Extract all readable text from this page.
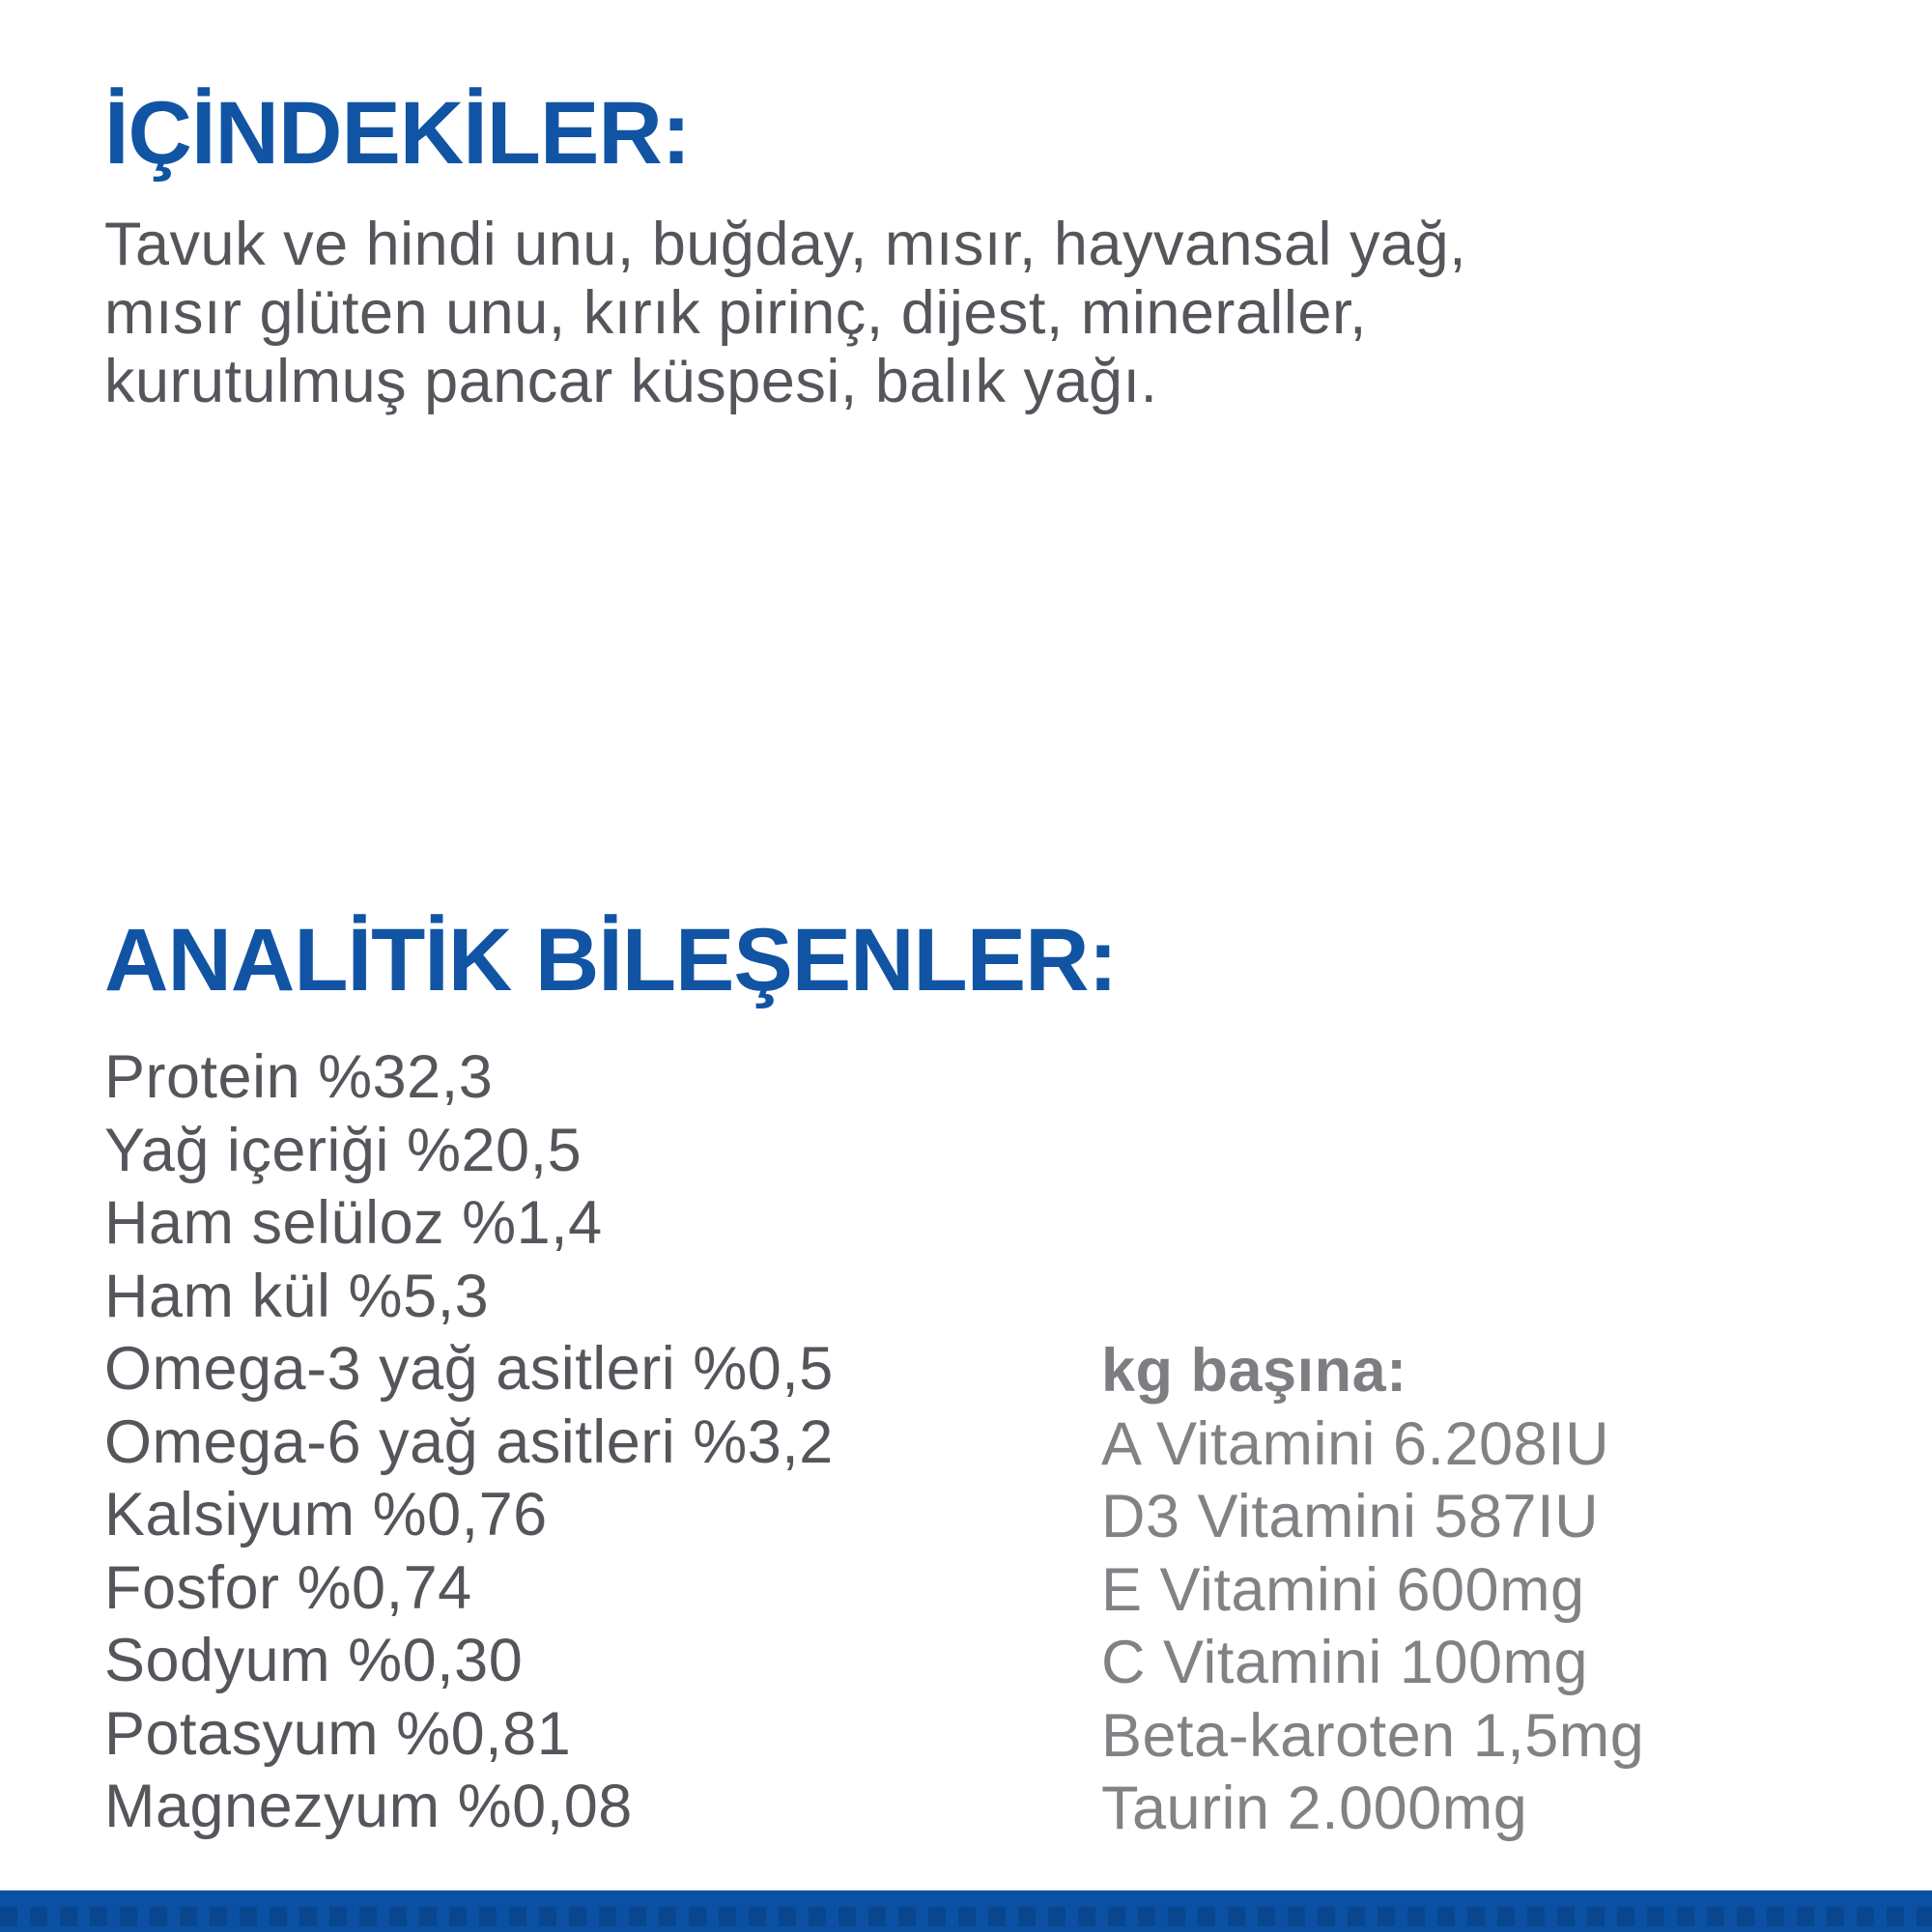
İÇİNDEKİLER:
Tavuk ve hindi unu, buğday, mısır, hayvansal yağ,
mısır glüten unu, kırık pirinç, dijest, mineraller,
kurutulmuş pancar küspesi, balık yağı.
ANALİTİK BİLEŞENLER:
Protein %32,3
Yağ içeriği %20,5
Ham selüloz %1,4
Ham kül %5,3
Omega-3 yağ asitleri %0,5
Omega-6 yağ asitleri %3,2
Kalsiyum %0,76
Fosfor %0,74
Sodyum %0,30
Potasyum %0,81
Magnezyum %0,08
kg başına:
A Vitamini 6.208IU
D3 Vitamini 587IU
E Vitamini 600mg
C Vitamini 100mg
Beta-karoten 1,5mg
Taurin 2.000mg
